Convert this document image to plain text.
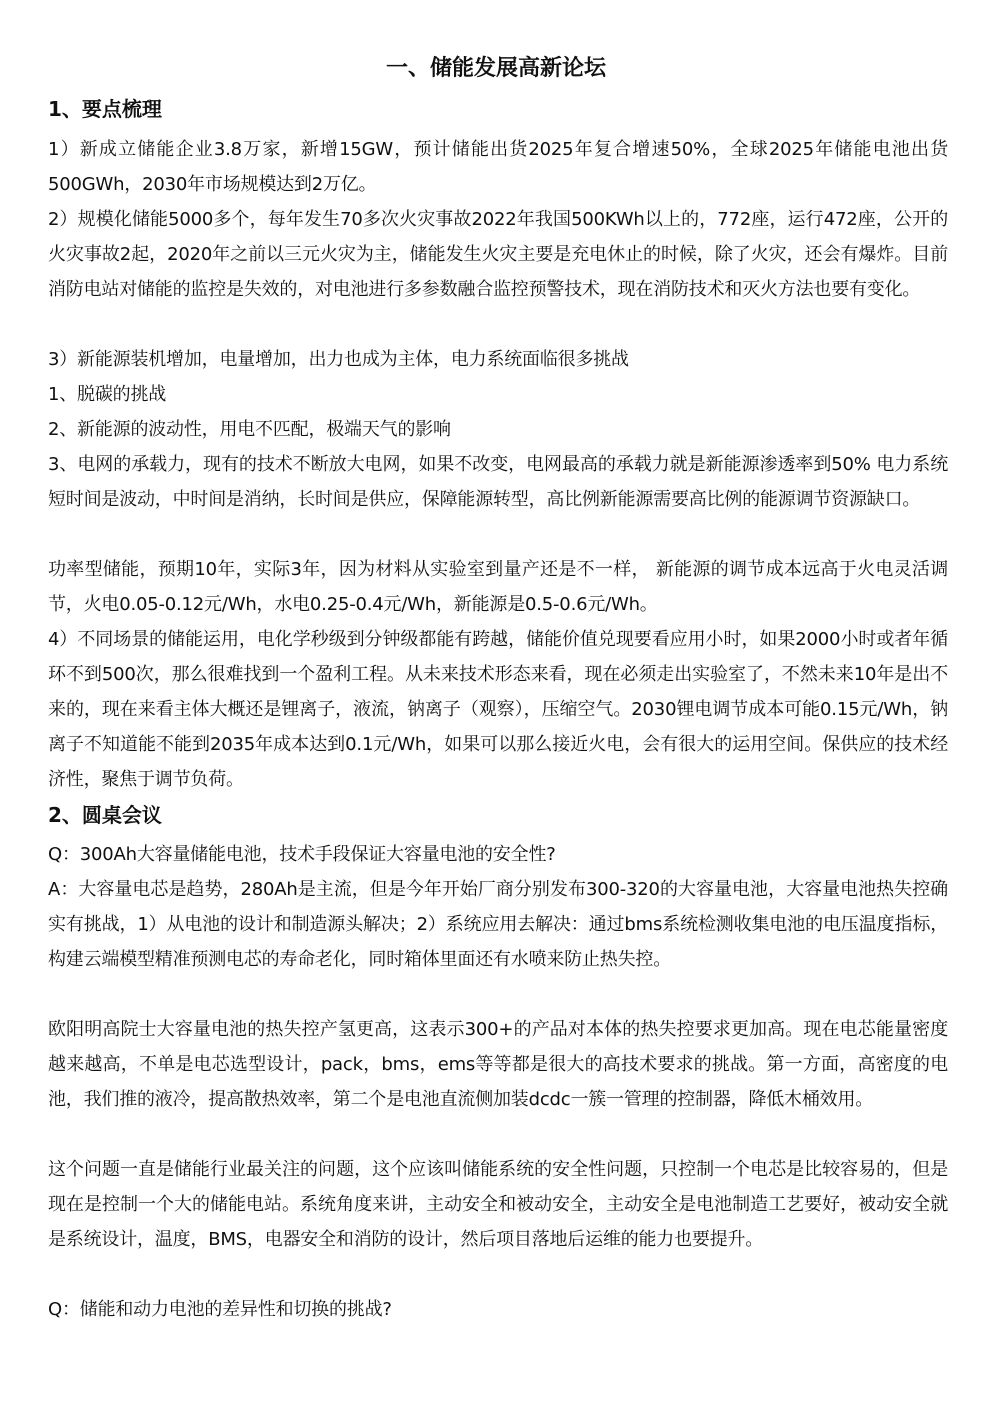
一、储能发展高新论坛
1、要点梳理
1）新成立储能企业3.8万家，新增15GW，预计储能出货2025年复合增速50%，全球2025年储能电池出货500GWh，2030年市场规模达到2万亿。
2）规模化储能5000多个，每年发生70多次火灾事故2022年我国500KWh以上的，772座，运行472座，公开的火灾事故2起，2020年之前以三元火灾为主，储能发生火灾主要是充电休止的时候，除了火灾，还会有爆炸。目前消防电站对储能的监控是失效的，对电池进行多参数融合监控预警技术，现在消防技术和灭火方法也要有变化。
3）新能源装机增加，电量增加，出力也成为主体，电力系统面临很多挑战
1、脱碳的挑战
2、新能源的波动性，用电不匹配，极端天气的影响
3、电网的承载力，现有的技术不断放大电网，如果不改变，电网最高的承载力就是新能源渗透率到50% 电力系统短时间是波动，中时间是消纳，长时间是供应，保障能源转型，高比例新能源需要高比例的能源调节资源缺口。
功率型储能，预期10年，实际3年，因为材料从实验室到量产还是不一样， 新能源的调节成本远高于火电灵活调节，火电0.05-0.12元/Wh，水电0.25-0.4元/Wh，新能源是0.5-0.6元/Wh。
4）不同场景的储能运用，电化学秒级到分钟级都能有跨越，储能价值兑现要看应用小时，如果2000小时或者年循环不到500次，那么很难找到一个盈利工程。从未来技术形态来看，现在必须走出实验室了，不然未来10年是出不来的，现在来看主体大概还是锂离子，液流，钠离子（观察），压缩空气。2030锂电调节成本可能0.15元/Wh，钠离子不知道能不能到2035年成本达到0.1元/Wh，如果可以那么接近火电，会有很大的运用空间。保供应的技术经济性，聚焦于调节负荷。
2、圆桌会议
Q：300Ah大容量储能电池，技术手段保证大容量电池的安全性?
A：大容量电芯是趋势，280Ah是主流，但是今年开始厂商分别发布300-320的大容量电池，大容量电池热失控确实有挑战，1）从电池的设计和制造源头解决；2）系统应用去解决：通过bms系统检测收集电池的电压温度指标，构建云端模型精准预测电芯的寿命老化，同时箱体里面还有水喷来防止热失控。
欧阳明高院士大容量电池的热失控产氢更高，这表示300+的产品对本体的热失控要求更加高。现在电芯能量密度越来越高，不单是电芯选型设计，pack，bms，ems等等都是很大的高技术要求的挑战。第一方面，高密度的电池，我们推的液冷，提高散热效率，第二个是电池直流侧加装dcdc一簇一管理的控制器，降低木桶效用。
这个问题一直是储能行业最关注的问题，这个应该叫储能系统的安全性问题，只控制一个电芯是比较容易的，但是现在是控制一个大的储能电站。系统角度来讲，主动安全和被动安全，主动安全是电池制造工艺要好，被动安全就是系统设计，温度，BMS，电器安全和消防的设计，然后项目落地后运维的能力也要提升。
Q：储能和动力电池的差异性和切换的挑战?
